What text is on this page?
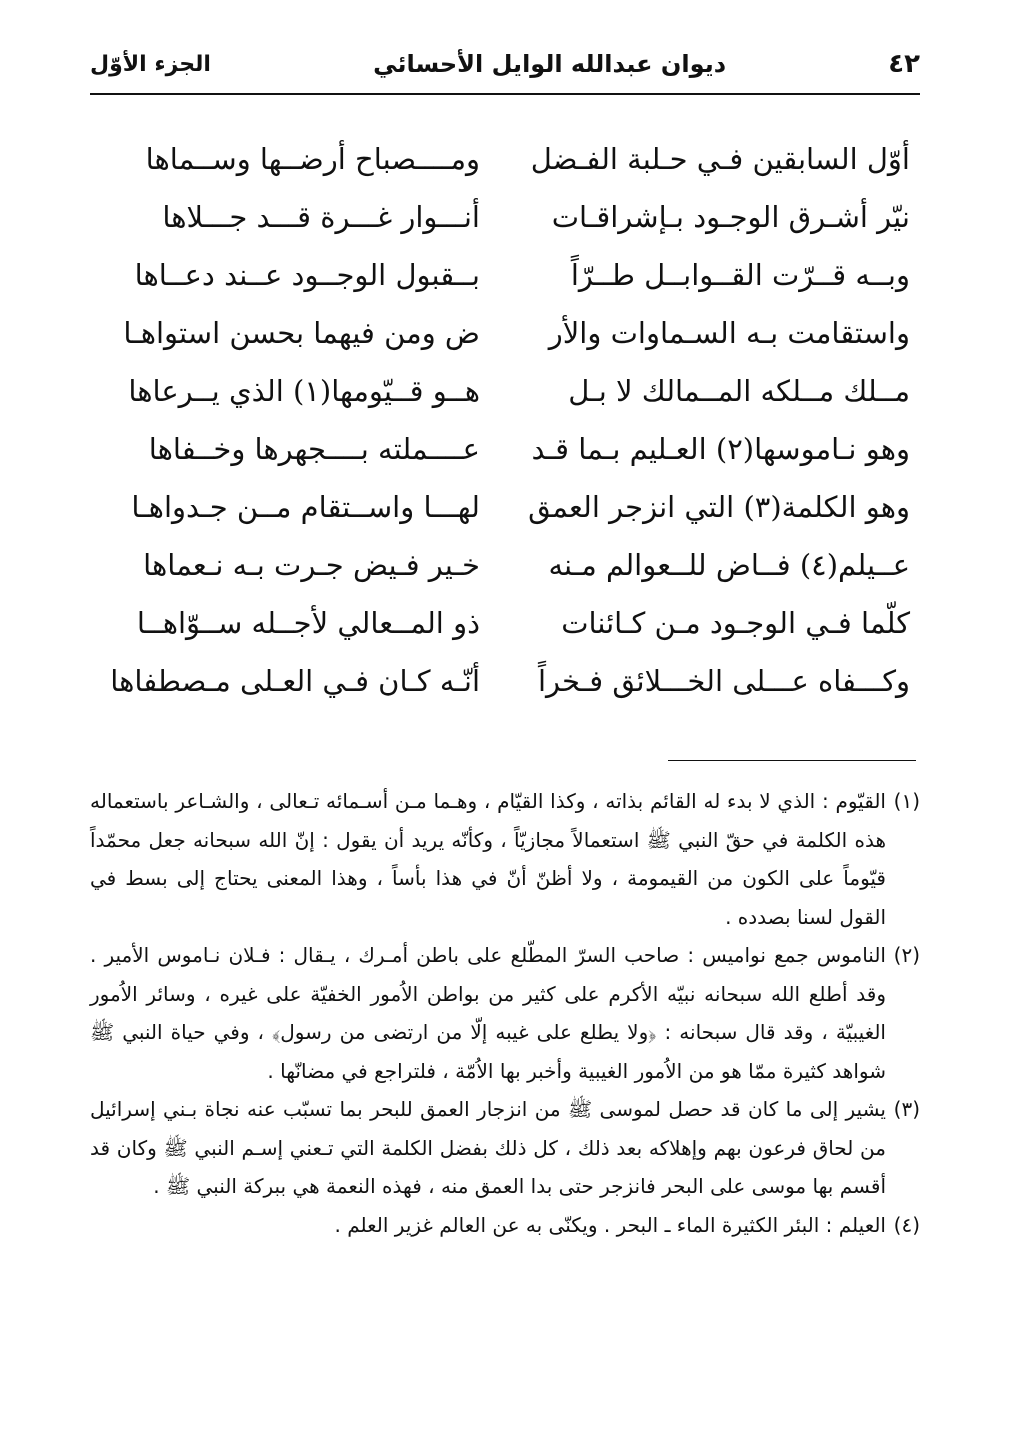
٤٢
ديوان عبدالله الوايل الأحسائي
الجزء الأوّل
أوّل السابقين فـي حـلبة الفـضل
ومــــصباح أرضــها وســماها
نيّر أشـرق الوجـود بـإشراقـات
أنـــوار غـــرة قـــد جـــلاها
وبــه قــرّت القــوابــل طــرّاً
بــقبول الوجــود عــند دعــاها
واستقامت بـه السـماوات والأر
ض ومن فيهما بحسن استواهـا
مــلك مــلكه المــمالك لا بـل
هــو قــيّومها(١) الذي يــرعاها
وهو نـاموسها(٢) العـليم بـما قـد
عــــملته بــــجهرها وخــفاها
وهو الكلمة(٣) التي انزجر العمق
لهـــا واســتقام مــن جـدواهـا
عــيلم(٤) فــاض للــعوالم مـنه
خـير فـيض جـرت بـه نـعماها
كلّما فـي الوجـود مـن كـائنات
ذو المــعالي لأجــله ســوّاهــا
وكـــفاه عـــلى الخـــلائق فـخراً
أنّـه كـان فـي العـلى مـصطفاها
(١)
القيّوم : الذي لا بدء له القائم بذاته ، وكذا القيّام ، وهـما مـن أسـمائه تـعالى ، والشـاعر باستعماله هذه الكلمة في حقّ النبي ﷺ استعمالاً مجازيّاً ، وكأنّه يريد أن يقول : إنّ الله سبحانه جعل محمّداً قيّوماً على الكون من القيمومة ، ولا أظنّ أنّ في هذا بأساً ، وهذا المعنى يحتاج إلى بسط في القول لسنا بصدده .
(٢)
الناموس جمع نواميس : صاحب السرّ المطّلع على باطن أمـرك ، يـقال : فـلان نـاموس الأمير . وقد أطلع الله سبحانه نبيّه الأكرم على كثير من بواطن الاُمور الخفيّة على غيره ، وسائر الاُمور الغيبيّة ، وقد قال سبحانه : ﴿ولا يطلع على غيبه إلّا من ارتضى من رسول﴾ ، وفي حياة النبي ﷺ شواهد كثيرة ممّا هو من الاُمور الغيبية وأخبر بها الاُمّة ، فلتراجع في مضانّها .
(٣)
يشير إلى ما كان قد حصل لموسى ﷺ من انزجار العمق للبحر بما تسبّب عنه نجاة بـني إسرائيل من لحاق فرعون بهم وإهلاكه بعد ذلك ، كل ذلك بفضل الكلمة التي تـعني إسـم النبي ﷺ وكان قد أقسم بها موسى على البحر فانزجر حتى بدا العمق منه ، فهذه النعمة هي ببركة النبي ﷺ .
(٤)
العيلم : البئر الكثيرة الماء ـ البحر . ويكنّى به عن العالم غزير العلم .
